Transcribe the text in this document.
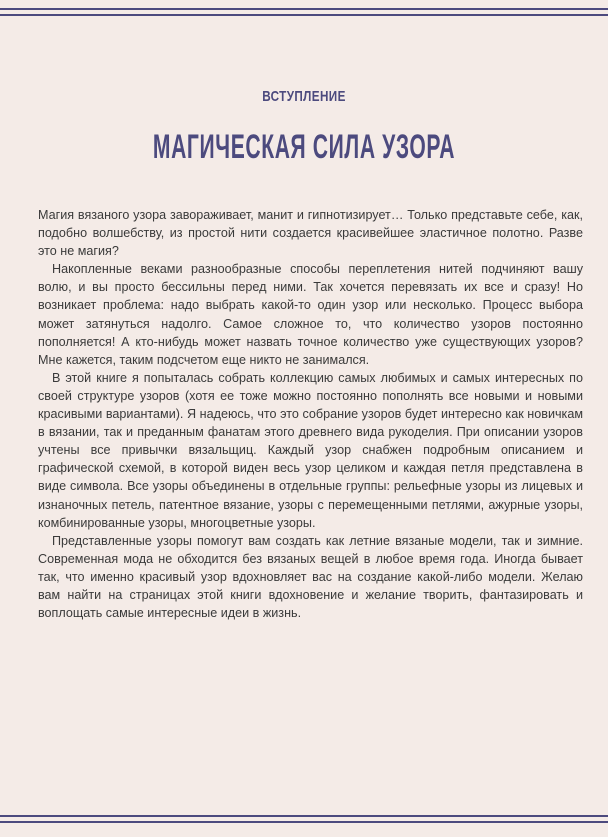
ВСТУПЛЕНИЕ
МАГИЧЕСКАЯ СИЛА УЗОРА

Магия вязаного узора завораживает, манит и гипнотизирует… Только представьте себе, как, подобно волшебству, из простой нити создается красивейшее эластичное полотно. Разве это не магия?

Накопленные веками разнообразные способы переплетения нитей подчиняют вашу волю, и вы просто бессильны перед ними. Так хочется перевязать их все и сразу! Но возникает проблема: надо выбрать какой-то один узор или несколько. Процесс выбора может затянуться надолго. Самое сложное то, что количество узоров постоянно пополняется! А кто-нибудь может назвать точное количество уже существующих узоров? Мне кажется, таким подсчетом еще никто не занимался.

В этой книге я попыталась собрать коллекцию самых любимых и самых интересных по своей структуре узоров (хотя ее тоже можно постоянно пополнять все новыми и новыми красивыми вариантами). Я надеюсь, что это собрание узоров будет интересно как новичкам в вязании, так и преданным фанатам этого древнего вида рукоделия. При описании узоров учтены все привычки вязальщиц. Каждый узор снабжен подробным описанием и графической схемой, в которой виден весь узор целиком и каждая петля представлена в виде символа. Все узоры объединены в отдельные группы: рельефные узоры из лицевых и изнаночных петель, патентное вязание, узоры с перемещенными петлями, ажурные узоры, комбинированные узоры, многоцветные узоры.

Представленные узоры помогут вам создать как летние вязаные модели, так и зимние. Современная мода не обходится без вязаных вещей в любое время года. Иногда бывает так, что именно красивый узор вдохновляет вас на создание какой-либо модели. Желаю вам найти на страницах этой книги вдохновение и желание творить, фантазировать и воплощать самые интересные идеи в жизнь.
